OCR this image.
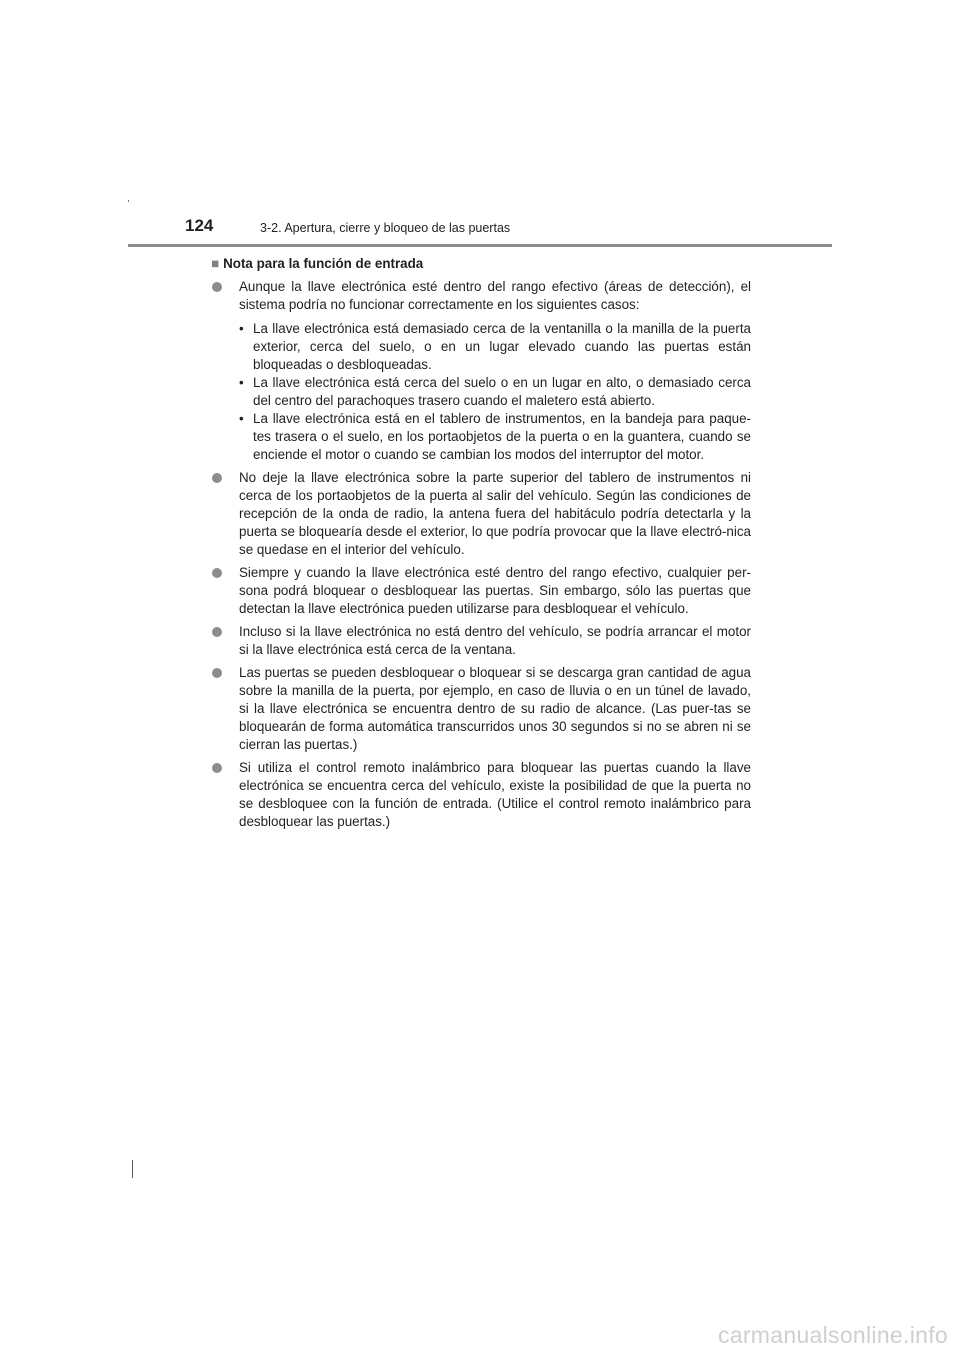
,
124	3-2. Apertura, cierre y bloqueo de las puertas
■ Nota para la función de entrada

Aunque la llave electrónica esté dentro del rango efectivo (áreas de detección), el sistema podría no funcionar correctamente en los siguientes casos:

• La llave electrónica está demasiado cerca de la ventanilla o la manilla de la puerta exterior, cerca del suelo, o en un lugar elevado cuando las puertas están bloqueadas o desbloqueadas.
• La llave electrónica está cerca del suelo o en un lugar en alto, o demasiado cerca del centro del parachoques trasero cuando el maletero está abierto.
• La llave electrónica está en el tablero de instrumentos, en la bandeja para paque-tes trasera o el suelo, en los portaobjetos de la puerta o en la guantera, cuando se enciende el motor o cuando se cambian los modos del interruptor del motor.

No deje la llave electrónica sobre la parte superior del tablero de instrumentos ni cerca de los portaobjetos de la puerta al salir del vehículo. Según las condiciones de recepción de la onda de radio, la antena fuera del habitáculo podría detectarla y la puerta se bloquearía desde el exterior, lo que podría provocar que la llave electró-nica se quedase en el interior del vehículo.

Siempre y cuando la llave electrónica esté dentro del rango efectivo, cualquier per-sona podrá bloquear o desbloquear las puertas. Sin embargo, sólo las puertas que detectan la llave electrónica pueden utilizarse para desbloquear el vehículo.

Incluso si la llave electrónica no está dentro del vehículo, se podría arrancar el motor si la llave electrónica está cerca de la ventana.

Las puertas se pueden desbloquear o bloquear si se descarga gran cantidad de agua sobre la manilla de la puerta, por ejemplo, en caso de lluvia o en un túnel de lavado, si la llave electrónica se encuentra dentro de su radio de alcance. (Las puer-tas se bloquearán de forma automática transcurridos unos 30 segundos si no se abren ni se cierran las puertas.)

Si utiliza el control remoto inalámbrico para bloquear las puertas cuando la llave electrónica se encuentra cerca del vehículo, existe la posibilidad de que la puerta no se desbloquee con la función de entrada. (Utilice el control remoto inalámbrico para desbloquear las puertas.)

carmanualsonline.info
